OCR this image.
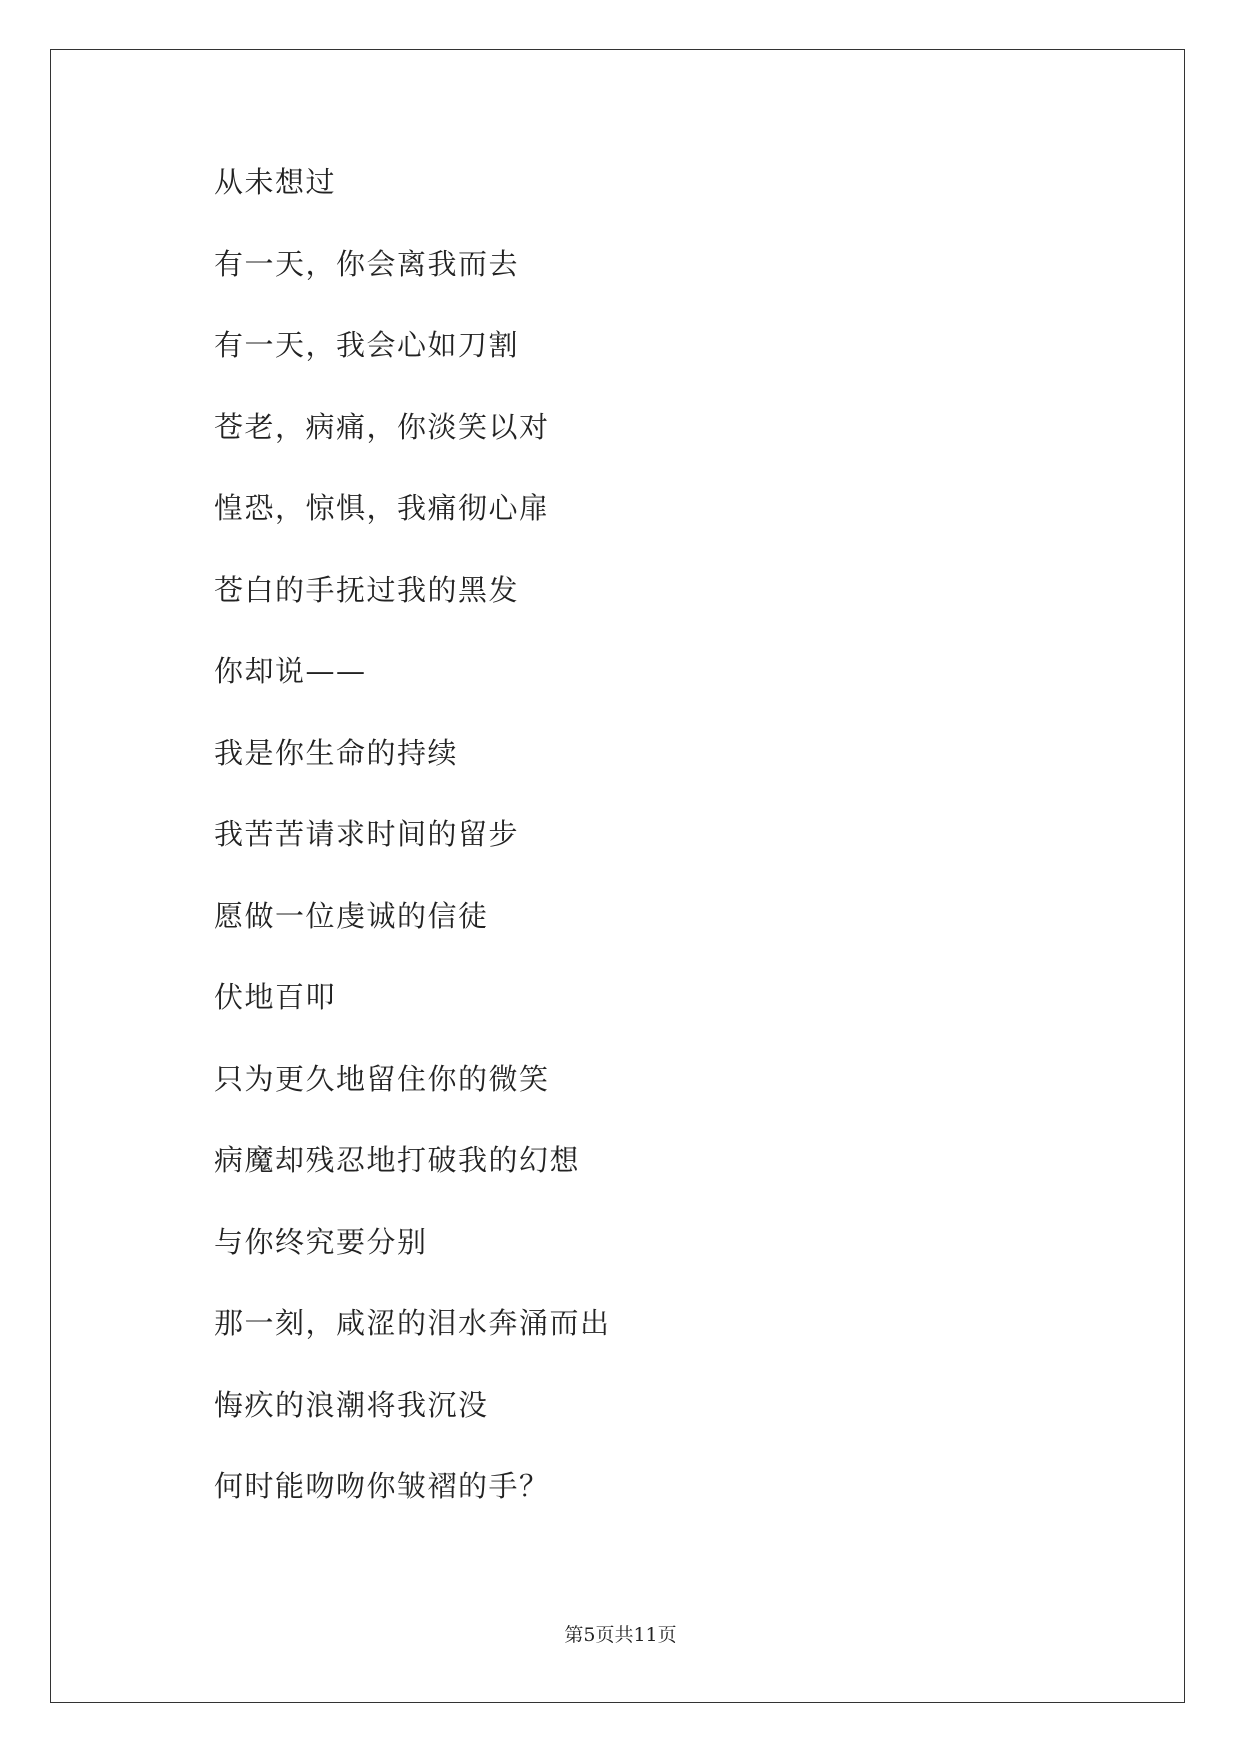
从未想过
有一天，你会离我而去
有一天，我会心如刀割
苍老，病痛，你淡笑以对
惶恐，惊惧，我痛彻心扉
苍白的手抚过我的黑发
你却说——
我是你生命的持续
我苦苦请求时间的留步
愿做一位虔诚的信徒
伏地百叩
只为更久地留住你的微笑
病魔却残忍地打破我的幻想
与你终究要分别
那一刻，咸涩的泪水奔涌而出
悔疚的浪潮将我沉没
何时能吻吻你皱褶的手？
第5页共11页
